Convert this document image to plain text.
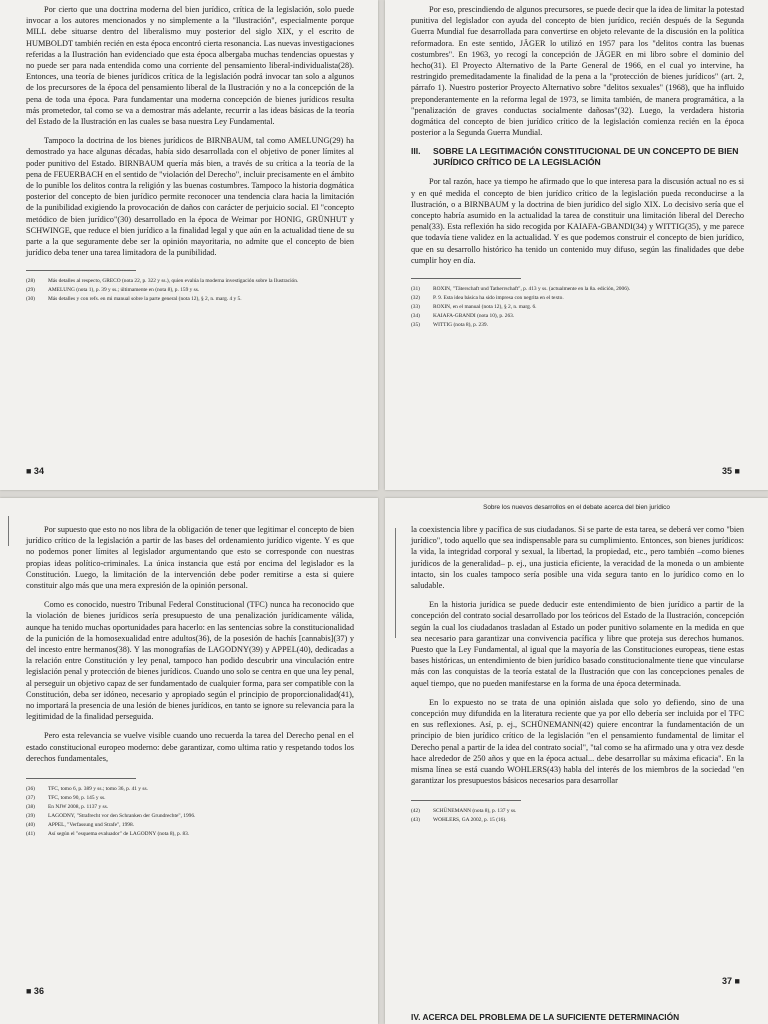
Por cierto que una doctrina moderna del bien jurídico, crítica de la legislación, solo puede invocar a los autores mencionados y no simplemente a la "Ilustración", especialmente porque MILL debe situarse dentro del liberalismo muy posterior del siglo XIX, y el escrito de HUMBOLDT también recién en esta época encontró cierta resonancia. Las nuevas investigaciones referidas a la Ilustración han evidenciado que esta época albergaba muchas tendencias opuestas y no puede ser para nada entendida como una corriente del pensamiento liberal-individualista(28). Entonces, una teoría de bienes jurídicos crítica de la legislación podrá invocar tan solo a algunos de los precursores de la época del pensamiento liberal de la Ilustración y no a la concepción de la pena de toda una época. Para fundamentar una moderna concepción de bienes jurídicos resulta más prometedor, tal como se va a demostrar más adelante, recurrir a las ideas básicas de la teoría del Estado de la Ilustración en las cuales se basa nuestra Ley Fundamental.

Tampoco la doctrina de los bienes jurídicos de BIRNBAUM, tal como AMELUNG(29) ha demostrado ya hace algunas décadas, había sido desarrollada con el objetivo de poner límites al poder punitivo del Estado. BIRNBAUM quería más bien, a través de su crítica a la teoría de la pena de FEUERBACH en el sentido de "violación del Derecho", incluir precisamente en el ámbito de lo punible los delitos contra la religión y las buenas costumbres. Tampoco la historia dogmática posterior del concepto de bien jurídico permite reconocer una tendencia clara hacia la limitación de la punibilidad exigiendo la provocación de daños con carácter de perjuicio social. El "concepto metódico de bien jurídico"(30) desarrollado en la época de Weimar por HONIG, GRÜNHUT y SCHWINGE, que reduce el bien jurídico a la finalidad legal y que aún en la actualidad tiene de su parte a la que seguramente debe ser la opinión mayoritaria, no admite que el concepto de bien jurídico deba tener una tarea limitadora de la punibilidad.

(28)	Más detalles al respecto, GRECO (nota 22, p. 322 y ss.), quien evalúa la moderna investigación sobre la Ilustración.
(29)	AMELUNG (nota 1), p. 39 y ss.; últimamente en (nota 8), p. 159 y ss.
(30)	Más detalles y con refs. en mi manual sobre la parte general (nota 12), § 2, n. marg. 4 y 5.
■ 34

Por eso, prescindiendo de algunos precursores, se puede decir que la idea de limitar la potestad punitiva del legislador con ayuda del concepto de bien jurídico, recién después de la Segunda Guerra Mundial fue desarrollada para convertirse en objeto relevante de la discusión en la política reformadora. En este sentido, JÄGER lo utilizó en 1957 para los "delitos contra las buenas costumbres". En 1963, yo recogí la concepción de JÄGER en mi libro sobre el dominio del hecho(31). El Proyecto Alternativo de la Parte General de 1966, en el cual yo intervine, ha restringido premeditadamente la finalidad de la pena a la "protección de bienes jurídicos" (art. 2, párrafo 1). Nuestro posterior Proyecto Alternativo sobre "delitos sexuales" (1968), que ha influido preponderantemente en la reforma legal de 1973, se limita también, de manera programática, a la "penalización de graves conductas socialmente dañosas"(32). Luego, la verdadera historia dogmática del concepto de bien jurídico crítico de la legislación comienza recién en la época posterior a la Segunda Guerra Mundial.

III.	SOBRE LA LEGITIMACIÓN CONSTITUCIONAL DE UN CONCEPTO DE BIEN JURÍDICO CRÍTICO DE LA LEGISLACIÓN

Por tal razón, hace ya tiempo he afirmado que lo que interesa para la discusión actual no es si y en qué medida el concepto de bien jurídico crítico de la legislación pueda reconducirse a la Ilustración, o a BIRNBAUM y la doctrina de bien jurídico del siglo XIX. Lo decisivo sería que el concepto habría asumido en la actualidad la tarea de constituir una limitación liberal del Derecho penal(33). Esta reflexión ha sido recogida por KAIAFA-GBANDI(34) y WITTIG(35), y me parece que todavía tiene validez en la actualidad. Y es que podemos construir el concepto de bien jurídico, que en su desarrollo histórico ha tenido un contenido muy difuso, según las finalidades que debe cumplir hoy en día.

(31)	ROXIN, "Täterschaft und Tatherrschaft", p. 413 y ss. (actualmente en la 8a. edición, 2006).
(32)	P. 9. Esta idea básica ha sido impresa con negrita en el texto.
(33)	ROXIN, en el manual (nota 12), § 2, n. marg. 6.
(34)	KAIAFA-GBANDI (nota 10), p. 263.
(35)	WITTIG (nota 8), p. 239.
35 ■

Por supuesto que esto no nos libra de la obligación de tener que legitimar el concepto de bien jurídico crítico de la legislación a partir de las bases del ordenamiento jurídico vigente. Y es que no podemos poner límites al legislador argumentando que esto se corresponde con nuestras propias ideas político-criminales. La única instancia que está por encima del legislador es la Constitución. Luego, la limitación de la intervención debe poder remitirse a esta si quiere constituir algo más que una mera expresión de la opinión personal.

Como es conocido, nuestro Tribunal Federal Constitucional (TFC) nunca ha reconocido que la violación de bienes jurídicos sería presupuesto de una penalización jurídicamente válida, aunque ha tenido muchas oportunidades para hacerlo: en las sentencias sobre la constitucionalidad de la punición de la homosexualidad entre adultos(36), de la posesión de hachís [cannabis](37) y del incesto entre hermanos(38). Y las monografías de LAGODNY(39) y APPEL(40), dedicadas a la relación entre Constitución y ley penal, tampoco han podido descubrir una vinculación entre legislación penal y protección de bienes jurídicos. Cuando uno solo se centra en que una ley penal, al perseguir un objetivo capaz de ser fundamentado de cualquier forma, para ser compatible con la Constitución, deba ser idóneo, necesario y apropiado según el principio de proporcionalidad(41), no importará la presencia de una lesión de bienes jurídicos, en tanto se ignore su relevancia para la legitimidad de la finalidad perseguida.

Pero esta relevancia se vuelve visible cuando uno recuerda la tarea del Derecho penal en el estado constitucional europeo moderno: debe garantizar, como ultima ratio y respetando todos los derechos fundamentales,

(36)	TFC, tomo 6, p. 389 y ss.; tomo 36, p. 41 y ss.
(37)	TFC, tomo 90, p. 145 y ss.
(38)	En NJW 2008, p. 1137 y ss.
(39)	LAGODNY, "Strafrecht vor den Schranken der Grundrechte", 1996.
(40)	APPEL, "Verfassung und Strafe", 1998.
(41)	Así según el "esquema evaluador" de LAGODNY (nota 8), p. 83.
■ 36
Sobre los nuevos desarrollos en el debate acerca del bien jurídico

la coexistencia libre y pacífica de sus ciudadanos. Si se parte de esta tarea, se deberá ver como "bien jurídico", todo aquello que sea indispensable para su cumplimiento. Entonces, son bienes jurídicos: la vida, la integridad corporal y sexual, la libertad, la propiedad, etc., pero también –como bienes jurídicos de la generalidad– p. ej., una justicia eficiente, la veracidad de la moneda o un ambiente intacto, sin los cuales tampoco sería posible una vida segura tanto en lo jurídico como en lo saludable.

En la historia jurídica se puede deducir este entendimiento de bien jurídico a partir de la concepción del contrato social desarrollado por los teóricos del Estado de la Ilustración, concepción según la cual los ciudadanos trasladan al Estado un poder punitivo solamente en la medida en que sea necesario para garantizar una convivencia pacífica y libre que proteja sus derechos humanos. Puesto que la Ley Fundamental, al igual que la mayoría de las Constituciones europeas, tiene estas bases históricas, un entendimiento de bien jurídico basado constitucionalmente tiene que vincularse más con las conquistas de la teoría estatal de la Ilustración que con las concepciones penales de aquel tiempo, que no pueden manifestarse en la forma de una época determinada.

En lo expuesto no se trata de una opinión aislada que solo yo defiendo, sino de una concepción muy difundida en la literatura reciente que ya por ello debería ser incluida por el TFC en sus reflexiones. Así, p. ej., SCHÜNEMANN(42) quiere encontrar la fundamentación de un principio de bien jurídico crítico de la legislación "en el pensamiento fundamental de limitar el Derecho penal a partir de la idea del contrato social", "tal como se ha afirmado una y otra vez desde hace alrededor de 250 años y que en la época actual... debe desarrollar su máxima eficacia". En la misma línea se está cuando WOHLERS(43) habla del interés de los miembros de la sociedad "en garantizar los presupuestos básicos necesarios para desarrollar

(42)	SCHÜNEMANN (nota 8), p. 137 y ss.
(43)	WOHLERS, GA 2002, p. 15 (16).
37 ■
IV. ACERCA DEL PROBLEMA DE LA SUFICIENTE DETERMINACIÓN
